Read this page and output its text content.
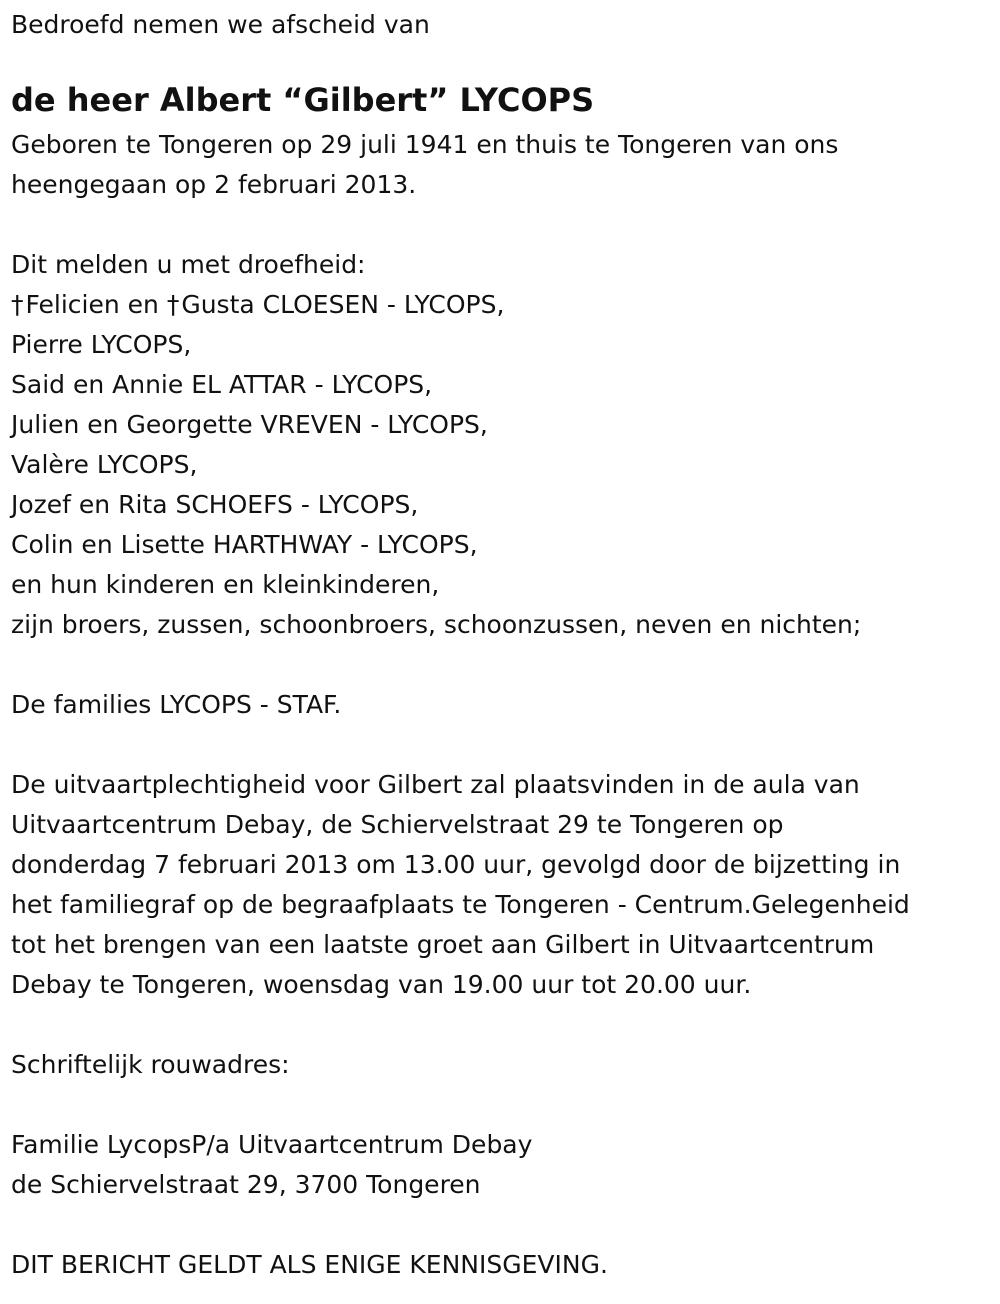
Bedroefd nemen we afscheid van

de heer Albert “Gilbert” LYCOPS

Geboren te Tongeren op 29 juli 1941 en thuis te Tongeren van ons

heengegaan op 2 februari 2013.

Dit melden u met droefheid:

†Felicien en †Gusta CLOESEN - LYCOPS,

Pierre LYCOPS,

Said en Annie EL ATTAR - LYCOPS,

Julien en Georgette VREVEN - LYCOPS,

Valère LYCOPS,

Jozef en Rita SCHOEFS - LYCOPS,

Colin en Lisette HARTHWAY - LYCOPS,

en hun kinderen en kleinkinderen,

zijn broers, zussen, schoonbroers, schoonzussen, neven en nichten;

De families LYCOPS - STAF.

De uitvaartplechtigheid voor Gilbert zal plaatsvinden in de aula van

Uitvaartcentrum Debay, de Schiervelstraat 29 te Tongeren op

donderdag 7 februari 2013 om 13.00 uur, gevolgd door de bijzetting in

het familiegraf op de begraafplaats te Tongeren - Centrum.Gelegenheid

tot het brengen van een laatste groet aan Gilbert in Uitvaartcentrum

Debay te Tongeren, woensdag van 19.00 uur tot 20.00 uur.

Schriftelijk rouwadres:

Familie LycopsP/a Uitvaartcentrum Debay

de Schiervelstraat 29, 3700 Tongeren

DIT BERICHT GELDT ALS ENIGE KENNISGEVING.
